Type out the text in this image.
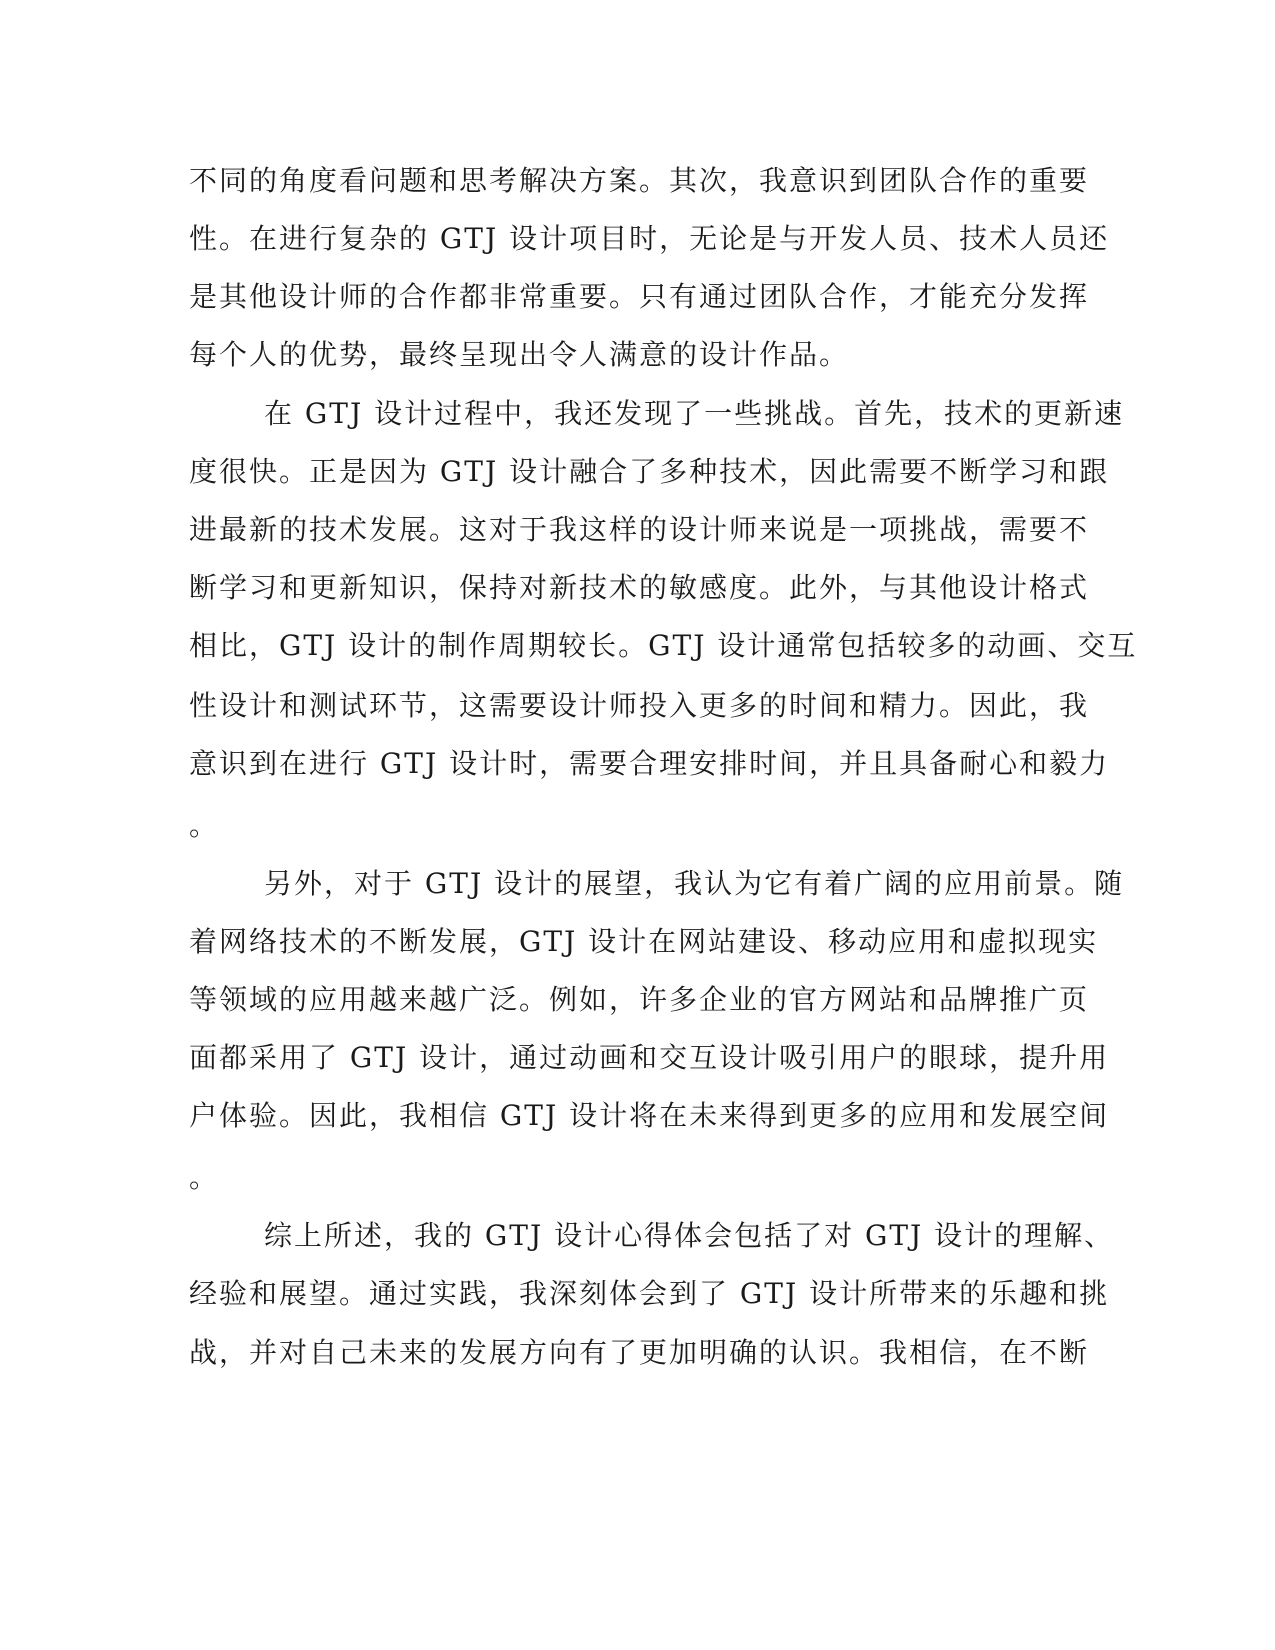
不同的角度看问题和思考解决方案。其次，我意识到团队合作的重要

性。在进行复杂的 GTJ 设计项目时，无论是与开发人员、技术人员还

是其他设计师的合作都非常重要。只有通过团队合作，才能充分发挥

每个人的优势，最终呈现出令人满意的设计作品。

在 GTJ 设计过程中，我还发现了一些挑战。首先，技术的更新速

度很快。正是因为 GTJ 设计融合了多种技术，因此需要不断学习和跟

进最新的技术发展。这对于我这样的设计师来说是一项挑战，需要不

断学习和更新知识，保持对新技术的敏感度。此外，与其他设计格式

相比，GTJ 设计的制作周期较长。GTJ 设计通常包括较多的动画、交互

性设计和测试环节，这需要设计师投入更多的时间和精力。因此，我

意识到在进行 GTJ 设计时，需要合理安排时间，并且具备耐心和毅力

。

另外，对于 GTJ 设计的展望，我认为它有着广阔的应用前景。随

着网络技术的不断发展，GTJ 设计在网站建设、移动应用和虚拟现实

等领域的应用越来越广泛。例如，许多企业的官方网站和品牌推广页

面都采用了 GTJ 设计，通过动画和交互设计吸引用户的眼球，提升用

户体验。因此，我相信 GTJ 设计将在未来得到更多的应用和发展空间

。

综上所述，我的 GTJ 设计心得体会包括了对 GTJ 设计的理解、

经验和展望。通过实践，我深刻体会到了 GTJ 设计所带来的乐趣和挑

战，并对自己未来的发展方向有了更加明确的认识。我相信，在不断
